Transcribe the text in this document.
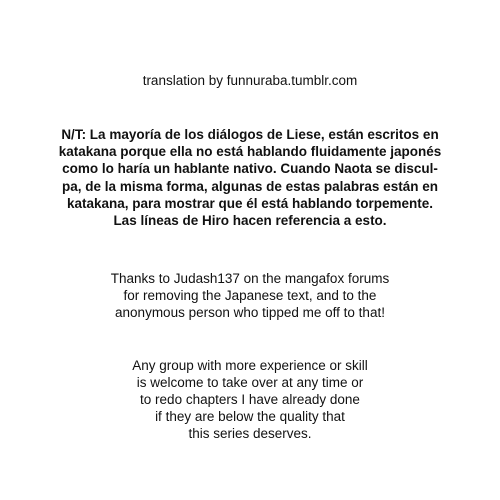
translation by funnuraba.tumblr.com
N/T: La mayoría de los diálogos de Liese, están escritos en
katakana porque ella no está hablando fluidamente japonés
como lo haría un hablante nativo. Cuando Naota se discul-
pa, de la misma forma, algunas de estas palabras están en
katakana, para mostrar que él está hablando torpemente.
Las líneas de Hiro hacen referencia a esto.
Thanks to Judash137 on the mangafox forums
for removing the Japanese text, and to the
anonymous person who tipped me off to that!
Any group with more experience or skill
is welcome to take over at any time or
to redo chapters I have already done
if they are below the quality that
this series deserves.
